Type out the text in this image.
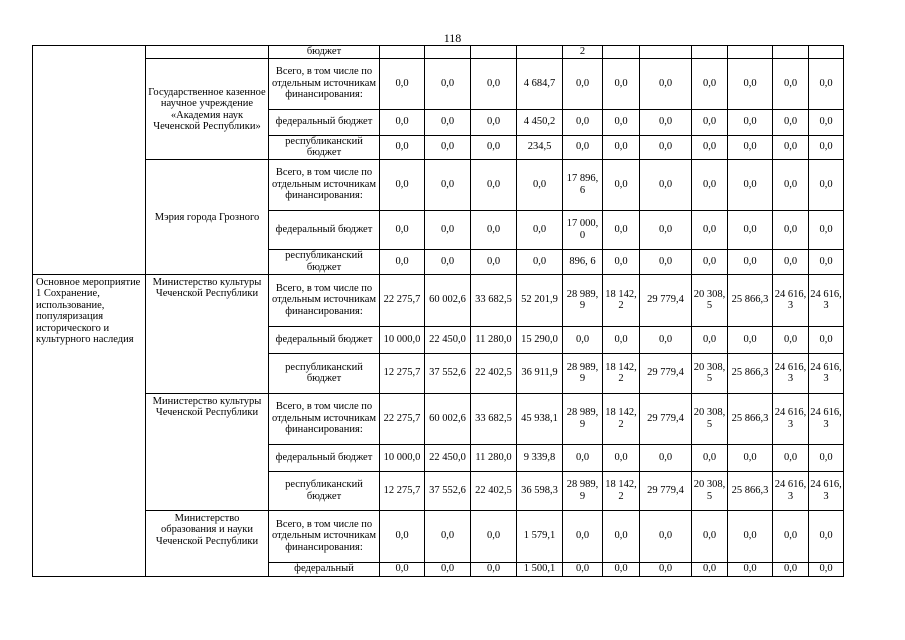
118
		бюджет					2						
	Государственное казенное научное учреждение «Академия наук Чеченской Республики»	Всего, в том числе по отдельным источникам финансирования:	0,0	0,0	0,0	4 684,7	0,0	0,0	0,0	0,0	0,0	0,0	0,0
		федеральный бюджет	0,0	0,0	0,0	4 450,2	0,0	0,0	0,0	0,0	0,0	0,0	0,0
		республиканский бюджет	0,0	0,0	0,0	234,5	0,0	0,0	0,0	0,0	0,0	0,0	0,0
	Мэрия города Грозного	Всего, в том числе по отдельным источникам финансирования:	0,0	0,0	0,0	0,0	17 896, 6	0,0	0,0	0,0	0,0	0,0	0,0
		федеральный бюджет	0,0	0,0	0,0	0,0	17 000, 0	0,0	0,0	0,0	0,0	0,0	0,0
		республиканский бюджет	0,0	0,0	0,0	0,0	896, 6	0,0	0,0	0,0	0,0	0,0	0,0
Основное мероприятие 1 Сохранение, использование, популяризация исторического и культурного наследия	Министерство культуры Чеченской Республики	Всего, в том числе по отдельным источникам финансирования:	22 275,7	60 002,6	33 682,5	52 201,9	28 989, 9	18 142, 2	29 779,4	20 308, 5	25 866,3	24 616, 3	24 616, 3
		федеральный бюджет	10 000,0	22 450,0	11 280,0	15 290,0	0,0	0,0	0,0	0,0	0,0	0,0	0,0
		республиканский бюджет	12 275,7	37 552,6	22 402,5	36 911,9	28 989, 9	18 142, 2	29 779,4	20 308, 5	25 866,3	24 616, 3	24 616, 3
	Министерство культуры Чеченской Республики	Всего, в том числе по отдельным источникам финансирования:	22 275,7	60 002,6	33 682,5	45 938,1	28 989, 9	18 142, 2	29 779,4	20 308, 5	25 866,3	24 616, 3	24 616, 3
		федеральный бюджет	10 000,0	22 450,0	11 280,0	9 339,8	0,0	0,0	0,0	0,0	0,0	0,0	0,0
		республиканский бюджет	12 275,7	37 552,6	22 402,5	36 598,3	28 989, 9	18 142, 2	29 779,4	20 308, 5	25 866,3	24 616, 3	24 616, 3
	Министерство образования и науки Чеченской Республики	Всего, в том числе по отдельным источникам финансирования:	0,0	0,0	0,0	1 579,1	0,0	0,0	0,0	0,0	0,0	0,0	0,0
		федеральный	0,0	0,0	0,0	1 500,1	0,0	0,0	0,0	0,0	0,0	0,0	0,0
